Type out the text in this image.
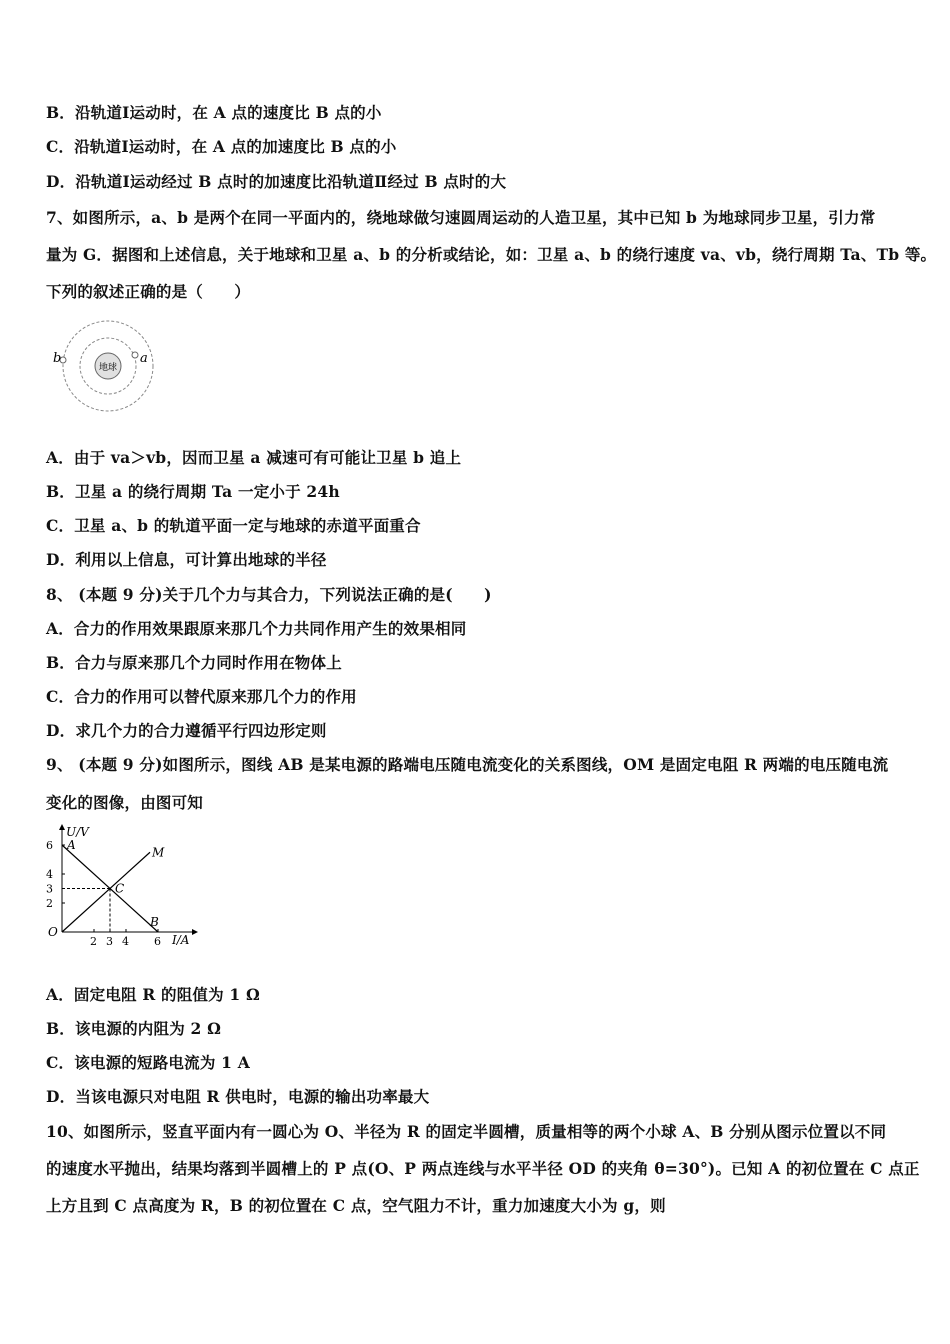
B．沿轨道Ⅰ运动时，在 A 点的速度比 B 点的小
C．沿轨道Ⅰ运动时，在 A 点的加速度比 B 点的小
D．沿轨道Ⅰ运动经过 B 点时的加速度比沿轨道Ⅱ经过 B 点时的大
7、如图所示，a、b 是两个在同一平面内的，绕地球做匀速圆周运动的人造卫星，其中已知 b 为地球同步卫星，引力常
量为 G．据图和上述信息，关于地球和卫星 a、b 的分析或结论，如：卫星 a、b 的绕行速度 va、vb，绕行周期 Ta、Tb 等。
下列的叙述正确的是（　　）
地球
b	a
A．由于 va＞vb，因而卫星 a 减速可有可能让卫星 b 追上
B．卫星 a 的绕行周期 Ta 一定小于 24h
C．卫星 a、b 的轨道平面一定与地球的赤道平面重合
D．利用以上信息，可计算出地球的半径
8、 (本题 9 分)关于几个力与其合力，下列说法正确的是(　　)
A．合力的作用效果跟原来那几个力共同作用产生的效果相同
B．合力与原来那几个力同时作用在物体上
C．合力的作用可以替代原来那几个力的作用
D．求几个力的合力遵循平行四边形定则
9、 (本题 9 分)如图所示，图线 AB 是某电源的路端电压随电流变化的关系图线，OM 是固定电阻 R 两端的电压随电流
变化的图像，由图可知
U/V
I/A
O
2 3 4 6
6
4
3
2
A
B
M
C
A．固定电阻 R 的阻值为 1 Ω
B．该电源的内阻为 2 Ω
C．该电源的短路电流为 1 A
D．当该电源只对电阻 R 供电时，电源的输出功率最大
10、如图所示，竖直平面内有一圆心为 O、半径为 R 的固定半圆槽，质量相等的两个小球 A、B 分别从图示位置以不同
的速度水平抛出，结果均落到半圆槽上的 P 点(O、P 两点连线与水平半径 OD 的夹角 θ=30°)。已知 A 的初位置在 C 点正
上方且到 C 点高度为 R，B 的初位置在 C 点，空气阻力不计，重力加速度大小为 g，则
